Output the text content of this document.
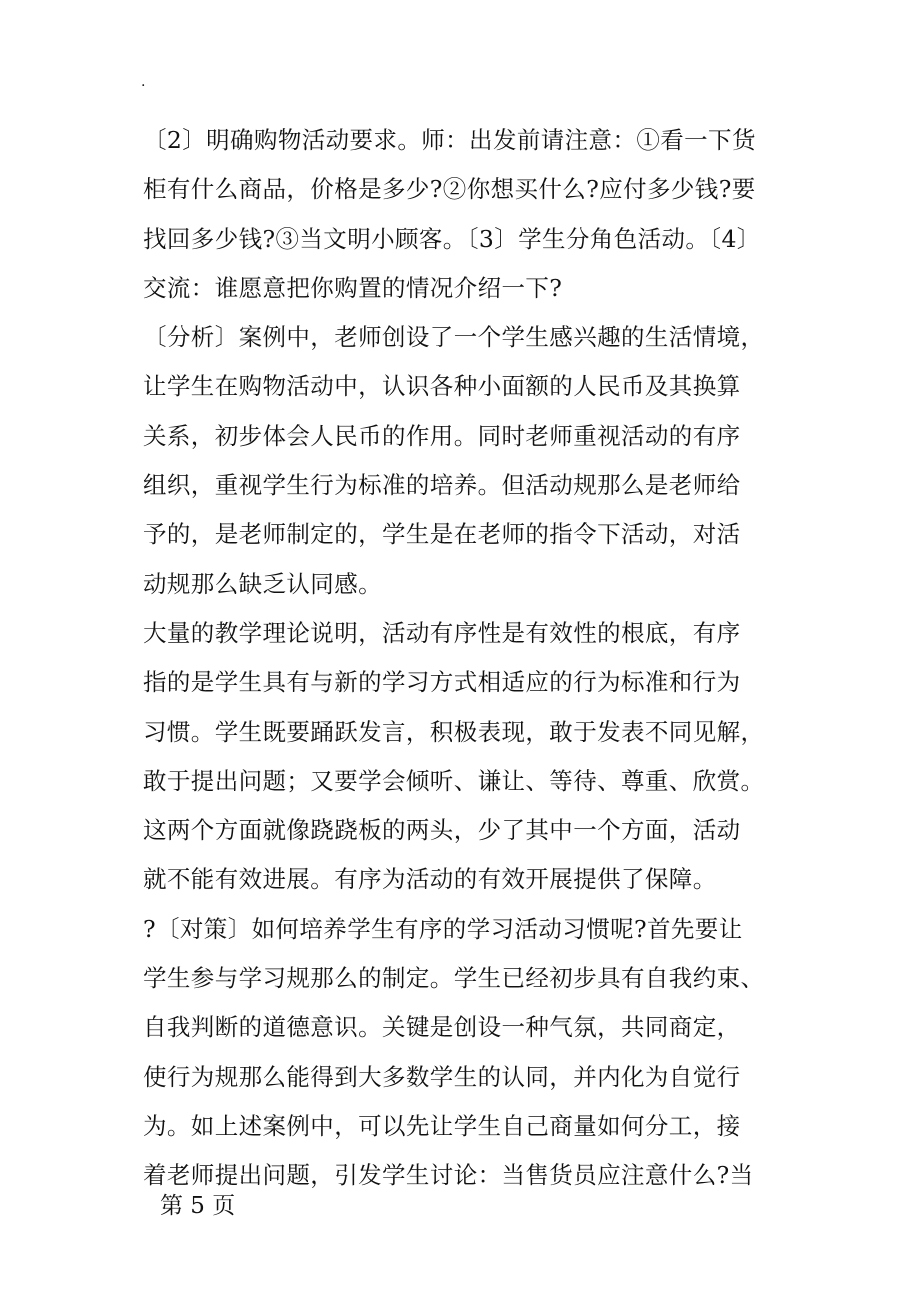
.

〔2〕明确购物活动要求。师：出发前请注意：①看一下货
柜有什么商品，价格是多少?②你想买什么?应付多少钱?要
找回多少钱?③当文明小顾客。〔3〕学生分角色活动。〔4〕
交流：谁愿意把你购置的情况介绍一下?

〔分析〕案例中，老师创设了一个学生感兴趣的生活情境，
让学生在购物活动中，认识各种小面额的人民币及其换算
关系，初步体会人民币的作用。同时老师重视活动的有序
组织，重视学生行为标准的培养。但活动规那么是老师给
予的，是老师制定的，学生是在老师的指令下活动，对活
动规那么缺乏认同感。

大量的教学理论说明，活动有序性是有效性的根底，有序
指的是学生具有与新的学习方式相适应的行为标准和行为
习惯。学生既要踊跃发言，积极表现，敢于发表不同见解，
敢于提出问题；又要学会倾听、谦让、等待、尊重、欣赏。
这两个方面就像跷跷板的两头，少了其中一个方面，活动
就不能有效进展。有序为活动的有效开展提供了保障。

?〔对策〕如何培养学生有序的学习活动习惯呢?首先要让
学生参与学习规那么的制定。学生已经初步具有自我约束、
自我判断的道德意识。关键是创设一种气氛，共同商定，
使行为规那么能得到大多数学生的认同，并内化为自觉行
为。如上述案例中，可以先让学生自己商量如何分工，接
着老师提出问题，引发学生讨论：当售货员应注意什么?当

第 5 页
